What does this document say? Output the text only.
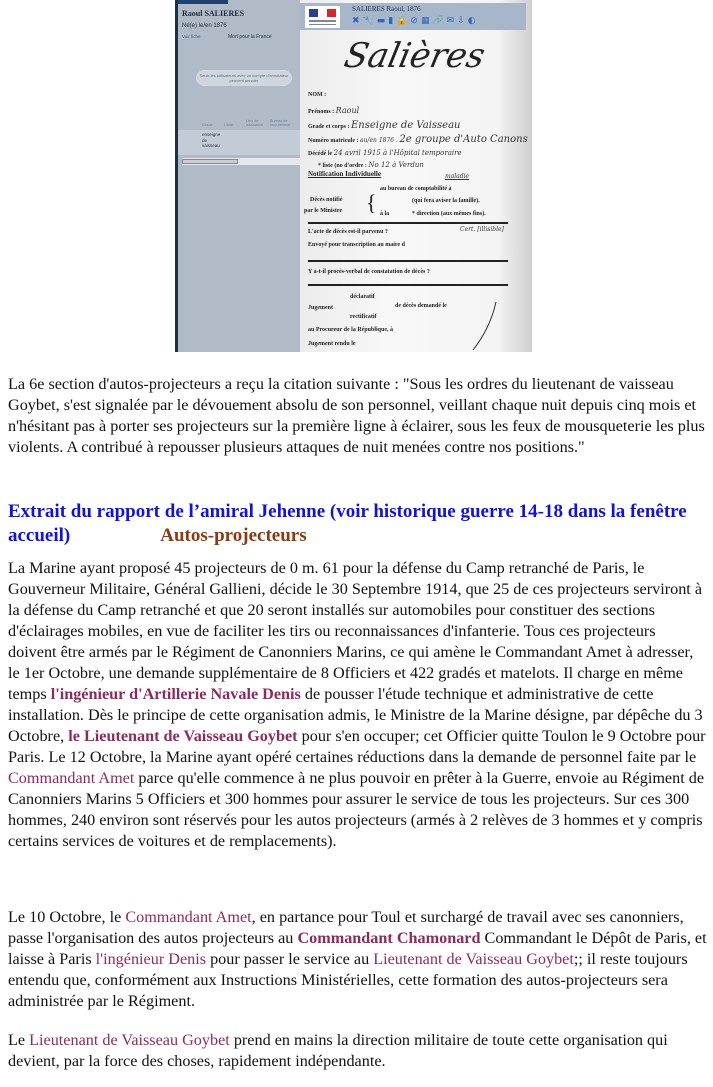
Raoul SALIERES
Né(e) le/en 1876
Voir fiche	Mort pour la France
Seuls les utilisateurs avec un compte d'annotateur peuvent annoter
Grade	Unité
Lieu de naissance
Bureau de recrutement
enseigne de vaisseau
SALIERES Raoul, 1876
✖🔧▬▮🔒⊘▦🔗✉⇩◐
Salières
NOM :
Prénoms : Raoul
Grade et corps : Enseigne de Vaisseau
Numéro matricule : au/en 1876 . 2e groupe d'Auto Canons
Décédé le 24 avril 1915 à l'Hôpital temporaire
* liste (no d'ordre : No 12 à Verdun
Notification Individuelle	maladie
au bureau de comptabilité à
Décès notifié {	(qui fera aviser la famille).
par le Ministre	à la	* direction (aux mêmes fins).
L'acte de décès est-il parvenu ?	Cert. [illisible]
Envoyé pour transcription au maire d
Y a-t-il procès-verbal de constatation de décès ?
Jugement
déclaratif
rectificatif
de décès demandé le
au Procureur de la République, à
Jugement rendu le
La 6e section d'autos-projecteurs a reçu la citation suivante : "Sous les ordres du lieutenant de vaisseau Goybet, s'est signalée par le dévouement absolu de son personnel, veillant chaque nuit depuis cinq mois et n'hésitant pas à porter ses projecteurs sur la première ligne à éclairer, sous les feux de mousqueterie les plus violents. A contribué à repousser plusieurs attaques de nuit menées contre nos positions."
Extrait du rapport de l’amiral Jehenne (voir historique guerre 14-18 dans la fenêtre accueil)	Autos-projecteurs
La Marine ayant proposé 45 projecteurs de 0 m. 61 pour la défense du Camp retranché de Paris, le Gouverneur Militaire, Général Gallieni, décide le 30 Septembre 1914, que 25 de ces projecteurs serviront à la défense du Camp retranché et que 20 seront installés sur automobiles pour constituer des sections d'éclairages mobiles, en vue de faciliter les tirs ou reconnaissances d'infanterie. Tous ces projecteurs doivent être armés par le Régiment de Canonniers Marins, ce qui amène le Commandant Amet à adresser, le 1er Octobre, une demande supplémentaire de 8 Officiers et 422 gradés et matelots. Il charge en même temps l'ingénieur d'Artillerie Navale Denis de pousser l'étude technique et administrative de cette installation. Dès le principe de cette organisation admis, le Ministre de la Marine désigne, par dépêche du 3 Octobre, le Lieutenant de Vaisseau Goybet pour s'en occuper; cet Officier quitte Toulon le 9 Octobre pour Paris. Le 12 Octobre, la Marine ayant opéré certaines réductions dans la demande de personnel faite par le Commandant Amet parce qu'elle commence à ne plus pouvoir en prêter à la Guerre, envoie au Régiment de Canonniers Marins 5 Officiers et 300 hommes pour assurer le service de tous les projecteurs. Sur ces 300 hommes, 240 environ sont réservés pour les autos projecteurs (armés à 2 relèves de 3 hommes et y compris certains services de voitures et de remplacements).
Le 10 Octobre, le Commandant Amet, en partance pour Toul et surchargé de travail avec ses canonniers, passe l'organisation des autos projecteurs au Commandant Chamonard Commandant le Dépôt de Paris, et laisse à Paris l'ingénieur Denis pour passer le service au Lieutenant de Vaisseau Goybet;; il reste toujours entendu que, conformément aux Instructions Ministérielles, cette formation des autos-projecteurs sera administrée par le Régiment.
Le Lieutenant de Vaisseau Goybet prend en mains la direction militaire de toute cette organisation qui devient, par la force des choses, rapidement indépendante.
